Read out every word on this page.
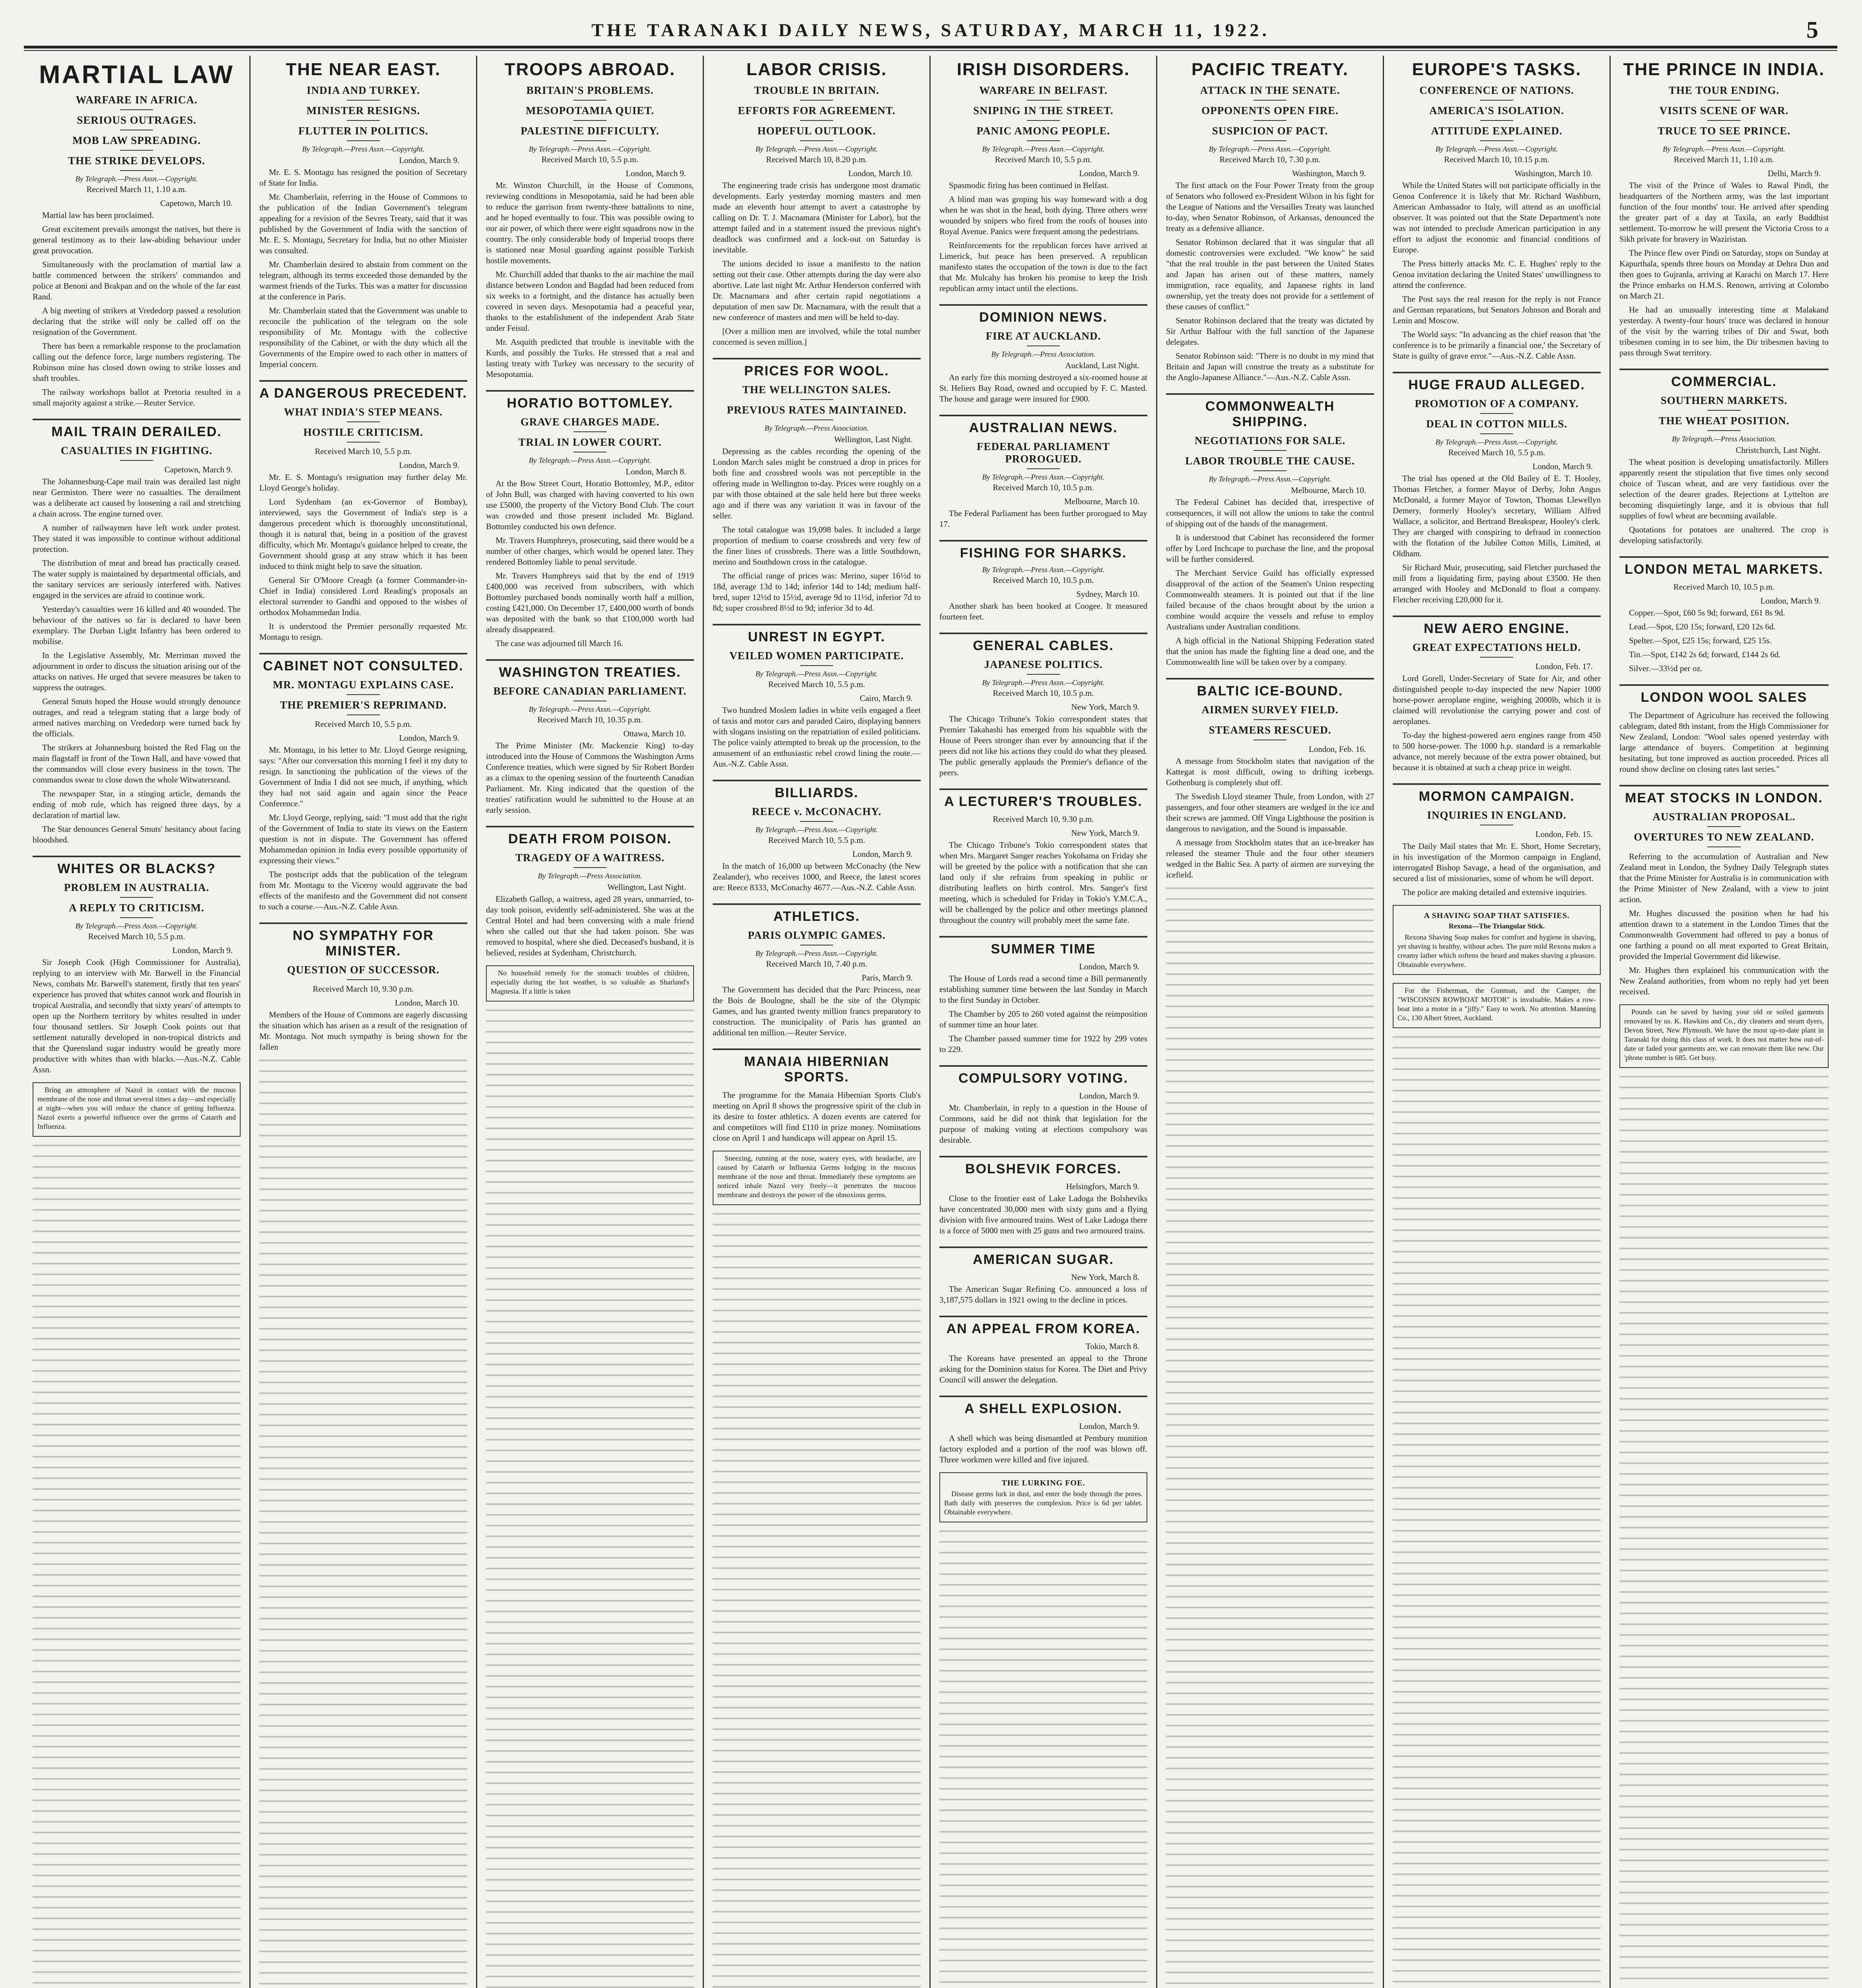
THE TARANAKI DAILY NEWS, SATURDAY, MARCH 11, 1922.	5
MARTIAL LAW
WARFARE IN AFRICA.
SERIOUS OUTRAGES.
MOB LAW SPREADING.
THE STRIKE DEVELOPS.
By Telegraph.—Press Assn.—Copyright.
Received March 11, 1.10 a.m.
Capetown, March 10.

Martial law has been proclaimed.

Great excitement prevails amongst the natives, but there is general testimony as to their law-abiding behaviour under great provocation.

Simultaneously with the proclamation of martial law a battle commenced between the strikers' commandos and police at Benoni and Brakpan and on the whole of the far east Rand.

A big meeting of strikers at Vrededorp passed a resolution declaring that the strike will only be called off on the resignation of the Government.

There has been a remarkable response to the proclamation calling out the defence force, large numbers registering. The Robinson mine has closed down owing to strike losses and shaft troubles.

The railway workshops ballot at Pretoria resulted in a small majority against a strike.—Reuter Service.

MAIL TRAIN DERAILED.
CASUALTIES IN FIGHTING.
Capetown, March 9.

The Johannesburg-Cape mail train was derailed last night near Germiston. There were no casualties. The derailment was a deliberate act caused by loosening a rail and stretching a chain across. The engine turned over.

A number of railwaymen have left work under protest. They stated it was impossible to continue without additional protection.

The distribution of meat and bread has practically ceased. The water supply is maintained by departmental officials, and the sanitary services are seriously interfered with. Natives engaged in the services are afraid to continue work.

Yesterday's casualties were 16 killed and 40 wounded. The behaviour of the natives so far is declared to have been exemplary. The Durban Light Infantry has been ordered to mobilise.

In the Legislative Assembly, Mr. Merriman moved the adjournment in order to discuss the situation arising out of the attacks on natives. He urged that severe measures be taken to suppress the outrages.

General Smuts hoped the House would strongly denounce outrages, and read a telegram stating that a large body of armed natives marching on Vrededorp were turned back by the officials.

The strikers at Johannesburg hoisted the Red Flag on the main flagstaff in front of the Town Hall, and have vowed that the commandos will close every business in the town. The commandos swear to close down the whole Witwatersrand.

The newspaper Star, in a stinging article, demands the ending of mob rule, which has reigned three days, by a declaration of martial law.

The Star denounces General Smuts' hesitancy about facing bloodshed.

WHITES OR BLACKS?
PROBLEM IN AUSTRALIA.
A REPLY TO CRITICISM.
By Telegraph.—Press Assn.—Copyright.
Received March 10, 5.5 p.m.
London, March 9.

Sir Joseph Cook (High Commissioner for Australia), replying to an interview with Mr. Barwell in the Financial News, combats Mr. Barwell's statement, firstly that ten years' experience has proved that whites cannot work and flourish in tropical Australia, and secondly that sixty years' of attempts to open up the Northern territory by whites resulted in under four thousand settlers. Sir Joseph Cook points out that settlement naturally developed in non-tropical districts and that the Queensland sugar industry would be greatly more productive with whites than with blacks.—Aus.-N.Z. Cable Assn.

Bring an atmosphere of Nazol in contact with the mucous membrane of the nose and throat several times a day—and especially at night—when you will reduce the chance of getting Influenza. Nazol exerts a powerful influence over the germs of Catarrh and Influenza.

THE NEAR EAST.
INDIA AND TURKEY.
MINISTER RESIGNS.
FLUTTER IN POLITICS.
By Telegraph.—Press Assn.—Copyright.
London, March 9.

Mr. E. S. Montagu has resigned the position of Secretary of State for India.

Mr. Chamberlain, referring in the House of Commons to the publication of the Indian Government's telegram appealing for a revision of the Sevres Treaty, said that it was published by the Government of India with the sanction of Mr. E. S. Montagu, Secretary for India, but no other Minister was consulted.

Mr. Chamberlain desired to abstain from comment on the telegram, although its terms exceeded those demanded by the warmest friends of the Turks. This was a matter for discussion at the conference in Paris.

Mr. Chamberlain stated that the Government was unable to reconcile the publication of the telegram on the sole responsibility of Mr. Montagu with the collective responsibility of the Cabinet, or with the duty which all the Governments of the Empire owed to each other in matters of Imperial concern.

A DANGEROUS PRECEDENT.
WHAT INDIA'S STEP MEANS.
HOSTILE CRITICISM.
Received March 10, 5.5 p.m.
London, March 9.

Mr. E. S. Montagu's resignation may further delay Mr. Lloyd George's holiday.

Lord Sydenham (an ex-Governor of Bombay), interviewed, says the Government of India's step is a dangerous precedent which is thoroughly unconstitutional, though it is natural that, being in a position of the gravest difficulty, which Mr. Montagu's guidance helped to create, the Government should grasp at any straw which it has been induced to think might help to save the situation.

General Sir O'Moore Creagh (a former Commander-in-Chief in India) considered Lord Reading's proposals an electoral surrender to Gandhi and opposed to the wishes of orthodox Mohammedan India.

It is understood the Premier personally requested Mr. Montagu to resign.

CABINET NOT CONSULTED.
MR. MONTAGU EXPLAINS CASE.
THE PREMIER'S REPRIMAND.
Received March 10, 5.5 p.m.
London, March 9.

Mr. Montagu, in his letter to Mr. Lloyd George resigning, says: "After our conversation this morning I feel it my duty to resign. In sanctioning the publication of the views of the Government of India I did not see much, if anything, which they had not said again and again since the Peace Conference."

Mr. Lloyd George, replying, said: "I must add that the right of the Government of India to state its views on the Eastern question is not in dispute. The Government has offered Mohammedan opinion in India every possible opportunity of expressing their views."

The postscript adds that the publication of the telegram from Mr. Montagu to the Viceroy would aggravate the bad effects of the manifesto and the Government did not consent to such a course.—Aus.-N.Z. Cable Assn.

NO SYMPATHY FOR MINISTER.
QUESTION OF SUCCESSOR.
Received March 10, 9.30 p.m.
London, March 10.

Members of the House of Commons are eagerly discussing the situation which has arisen as a result of the resignation of Mr. Montagu. Not much sympathy is being shown for the fallen

TROOPS ABROAD.
BRITAIN'S PROBLEMS.
MESOPOTAMIA QUIET.
PALESTINE DIFFICULTY.
By Telegraph.—Press Assn.—Copyright.
Received March 10, 5.5 p.m.
London, March 9.

Mr. Winston Churchill, in the House of Commons, reviewing conditions in Mesopotamia, said he had been able to reduce the garrison from twenty-three battalions to nine, and he hoped eventually to four. This was possible owing to our air power, of which there were eight squadrons now in the country. The only considerable body of Imperial troops there is stationed near Mosul guarding against possible Turkish hostile movements.

Mr. Churchill added that thanks to the air machine the mail distance between London and Bagdad had been reduced from six weeks to a fortnight, and the distance has actually been covered in seven days. Mesopotamia had a peaceful year, thanks to the establishment of the independent Arab State under Feisul.

Mr. Asquith predicted that trouble is inevitable with the Kurds, and possibly the Turks. He stressed that a real and lasting treaty with Turkey was necessary to the security of Mesopotamia.

HORATIO BOTTOMLEY.
GRAVE CHARGES MADE.
TRIAL IN LOWER COURT.
By Telegraph.—Press Assn.—Copyright.
London, March 8.

At the Bow Street Court, Horatio Bottomley, M.P., editor of John Bull, was charged with having converted to his own use £5000, the property of the Victory Bond Club. The court was crowded and those present included Mr. Bigland. Bottomley conducted his own defence.

Mr. Travers Humphreys, prosecuting, said there would be a number of other charges, which would be opened later. They rendered Bottomley liable to penal servitude.

Mr. Travers Humphreys said that by the end of 1919 £400,000 was received from subscribers, with which Bottomley purchased bonds nominally worth half a million, costing £421,000. On December 17, £400,000 worth of bonds was deposited with the bank so that £100,000 worth had already disappeared.

The case was adjourned till March 16.

WASHINGTON TREATIES.
BEFORE CANADIAN PARLIAMENT.
By Telegraph.—Press Assn.—Copyright.
Received March 10, 10.35 p.m.
Ottawa, March 10.

The Prime Minister (Mr. Mackenzie King) to-day introduced into the House of Commons the Washington Arms Conference treaties, which were signed by Sir Robert Borden as a climax to the opening session of the fourteenth Canadian Parliament. Mr. King indicated that the question of the treaties' ratification would be submitted to the House at an early session.

DEATH FROM POISON.
TRAGEDY OF A WAITRESS.
By Telegraph.—Press Association.
Wellington, Last Night.

Elizabeth Gallop, a waitress, aged 28 years, unmarried, to-day took poison, evidently self-administered. She was at the Central Hotel and had been conversing with a male friend when she called out that she had taken poison. She was removed to hospital, where she died. Deceased's husband, it is believed, resides at Sydenham, Christchurch.

No household remedy for the stomach troubles of children, especially during the hot weather, is so valuable as Sharland's Magnesia. If a little is taken

LABOR CRISIS.
TROUBLE IN BRITAIN.
EFFORTS FOR AGREEMENT.
HOPEFUL OUTLOOK.
By Telegraph.—Press Assn.—Copyright.
Received March 10, 8.20 p.m.
London, March 10.

The engineering trade crisis has undergone most dramatic developments. Early yesterday morning masters and men made an eleventh hour attempt to avert a catastrophe by calling on Dr. T. J. Macnamara (Minister for Labor), but the attempt failed and in a statement issued the previous night's deadlock was confirmed and a lock-out on Saturday is inevitable.

The unions decided to issue a manifesto to the nation setting out their case. Other attempts during the day were also abortive. Late last night Mr. Arthur Henderson conferred with Dr. Macnamara and after certain rapid negotiations a deputation of men saw Dr. Macnamara, with the result that a new conference of masters and men will be held to-day.

[Over a million men are involved, while the total number concerned is seven million.]

PRICES FOR WOOL.
THE WELLINGTON SALES.
PREVIOUS RATES MAINTAINED.
By Telegraph.—Press Association.
Wellington, Last Night.

Depressing as the cables recording the opening of the London March sales might be construed a drop in prices for both fine and crossbred wools was not perceptible in the offering made in Wellington to-day. Prices were roughly on a par with those obtained at the sale held here but three weeks ago and if there was any variation it was in favour of the seller.

The total catalogue was 19,098 bales. It included a large proportion of medium to coarse crossbreds and very few of the finer lines of crossbreds. There was a little Southdown, merino and Southdown cross in the catalogue.

The official range of prices was: Merino, super 16½d to 18d, average 13d to 14d; inferior 14d to 14d; medium half-bred, super 12½d to 15½d, average 9d to 11½d, inferior 7d to 8d; super crossbred 8½d to 9d; inferior 3d to 4d.

UNREST IN EGYPT.
VEILED WOMEN PARTICIPATE.
By Telegraph.—Press Assn.—Copyright.
Received March 10, 5.5 p.m.
Cairo, March 9.

Two hundred Moslem ladies in white veils engaged a fleet of taxis and motor cars and paraded Cairo, displaying banners with slogans insisting on the repatriation of exiled politicians. The police vainly attempted to break up the procession, to the amusement of an enthusiastic rebel crowd lining the route.—Aus.-N.Z. Cable Assn.

BILLIARDS.
REECE v. McCONACHY.
By Telegraph.—Press Assn.—Copyright.
Received March 10, 5.5 p.m.
London, March 9.

In the match of 16,000 up between McConachy (the New Zealander), who receives 1000, and Reece, the latest scores are: Reece 8333, McConachy 4677.—Aus.-N.Z. Cable Assn.

ATHLETICS.
PARIS OLYMPIC GAMES.
By Telegraph.—Press Assn.—Copyright.
Received March 10, 7.40 p.m.
Paris, March 9.

The Government has decided that the Parc Princess, near the Bois de Boulogne, shall be the site of the Olympic Games, and has granted twenty million francs preparatory to construction. The municipality of Paris has granted an additional ten million.—Reuter Service.

MANAIA HIBERNIAN SPORTS.

The programme for the Manaia Hibernian Sports Club's meeting on April 8 shows the progressive spirit of the club in its desire to foster athletics. A dozen events are catered for and competitors will find £110 in prize money. Nominations close on April 1 and handicaps will appear on April 15.

Sneezing, running at the nose, watery eyes, with headache, are caused by Catarrh or Influenza Germs lodging in the mucous membrane of the nose and throat. Immediately these symptoms are noticed inhale Nazol very freely—it penetrates the mucous membrane and destroys the power of the obnoxious germs.

IRISH DISORDERS.
WARFARE IN BELFAST.
SNIPING IN THE STREET.
PANIC AMONG PEOPLE.
By Telegraph.—Press Assn.—Copyright.
Received March 10, 5.5 p.m.
London, March 9.

Spasmodic firing has been continued in Belfast.

A blind man was groping his way homeward with a dog when he was shot in the head, both dying. Three others were wounded by snipers who fired from the roofs of houses into Royal Avenue. Panics were frequent among the pedestrians.

Reinforcements for the republican forces have arrived at Limerick, but peace has been preserved. A republican manifesto states the occupation of the town is due to the fact that Mr. Mulcahy has broken his promise to keep the Irish republican army intact until the elections.

DOMINION NEWS.
FIRE AT AUCKLAND.
By Telegraph.—Press Association.
Auckland, Last Night.

An early fire this morning destroyed a six-roomed house at St. Heliers Bay Road, owned and occupied by F. C. Masted. The house and garage were insured for £900.

AUSTRALIAN NEWS.
FEDERAL PARLIAMENT PROROGUED.
By Telegraph.—Press Assn.—Copyright.
Received March 10, 10.5 p.m.
Melbourne, March 10.

The Federal Parliament has been further prorogued to May 17.

FISHING FOR SHARKS.
By Telegraph.—Press Assn.—Copyright.
Received March 10, 10.5 p.m.
Sydney, March 10.

Another shark has been hooked at Coogee. It measured fourteen feet.

GENERAL CABLES.
JAPANESE POLITICS.
By Telegraph.—Press Assn.—Copyright.
Received March 10, 10.5 p.m.
New York, March 9.

The Chicago Tribune's Tokio correspondent states that Premier Takahashi has emerged from his squabble with the House of Peers stronger than ever by announcing that if the peers did not like his actions they could do what they pleased. The public generally applauds the Premier's defiance of the peers.

A LECTURER'S TROUBLES.
Received March 10, 9.30 p.m.
New York, March 9.

The Chicago Tribune's Tokio correspondent states that when Mrs. Margaret Sanger reaches Yokohama on Friday she will be greeted by the police with a notification that she can land only if she refrains from speaking in public or distributing leaflets on birth control. Mrs. Sanger's first meeting, which is scheduled for Friday in Tokio's Y.M.C.A., will be challenged by the police and other meetings planned throughout the country will probably meet the same fate.

SUMMER TIME
London, March 9.

The House of Lords read a second time a Bill permanently establishing summer time between the last Sunday in March to the first Sunday in October.

The Chamber by 205 to 260 voted against the reimposition of summer time an hour later.

The Chamber passed summer time for 1922 by 299 votes to 229.

COMPULSORY VOTING.
London, March 9.

Mr. Chamberlain, in reply to a question in the House of Commons, said he did not think that legislation for the purpose of making voting at elections compulsory was desirable.

BOLSHEVIK FORCES.
Helsingfors, March 9.

Close to the frontier east of Lake Ladoga the Bolsheviks have concentrated 30,000 men with sixty guns and a flying division with five armoured trains. West of Lake Ladoga there is a force of 5000 men with 25 guns and two armoured trains.

AMERICAN SUGAR.
New York, March 8.

The American Sugar Refining Co. announced a loss of 3,187,575 dollars in 1921 owing to the decline in prices.

AN APPEAL FROM KOREA.
Tokio, March 8.

The Koreans have presented an appeal to the Throne asking for the Dominion status for Korea. The Diet and Privy Council will answer the delegation.

A SHELL EXPLOSION.
London, March 9.

A shell which was being dismantled at Pembury munition factory exploded and a portion of the roof was blown off. Three workmen were killed and five injured.

THE LURKING FOE.

Disease germs lurk in dust, and enter the body through the pores. Bath daily with preserves the complexion. Price is 6d per tablet. Obtainable everywhere.

PACIFIC TREATY.
ATTACK IN THE SENATE.
OPPONENTS OPEN FIRE.
SUSPICION OF PACT.
By Telegraph.—Press Assn.—Copyright.
Received March 10, 7.30 p.m.
Washington, March 9.

The first attack on the Four Power Treaty from the group of Senators who followed ex-President Wilson in his fight for the League of Nations and the Versailles Treaty was launched to-day, when Senator Robinson, of Arkansas, denounced the treaty as a defensive alliance.

Senator Robinson declared that it was singular that all domestic controversies were excluded. "We know" he said "that the real trouble in the past between the United States and Japan has arisen out of these matters, namely immigration, race equality, and Japanese rights in land ownership, yet the treaty does not provide for a settlement of these causes of conflict."

Senator Robinson declared that the treaty was dictated by Sir Arthur Balfour with the full sanction of the Japanese delegates.

Senator Robinson said: "There is no doubt in my mind that Britain and Japan will construe the treaty as a substitute for the Anglo-Japanese Alliance."—Aus.-N.Z. Cable Assn.

COMMONWEALTH SHIPPING.
NEGOTIATIONS FOR SALE.
LABOR TROUBLE THE CAUSE.
By Telegraph.—Press Assn.—Copyright.
Melbourne, March 10.

The Federal Cabinet has decided that, irrespective of consequences, it will not allow the unions to take the control of shipping out of the hands of the management.

It is understood that Cabinet has reconsidered the former offer by Lord Inchcape to purchase the line, and the proposal will be further considered.

The Merchant Service Guild has officially expressed disapproval of the action of the Seamen's Union respecting Commonwealth steamers. It is pointed out that if the line failed because of the chaos brought about by the union a combine would acquire the vessels and refuse to employ Australians under Australian conditions.

A high official in the National Shipping Federation stated that the union has made the fighting line a dead one, and the Commonwealth line will be taken over by a company.

BALTIC ICE-BOUND.
AIRMEN SURVEY FIELD.
STEAMERS RESCUED.
London, Feb. 16.

A message from Stockholm states that navigation of the Kattegat is most difficult, owing to drifting icebergs. Gothenburg is completely shut off.

The Swedish Lloyd steamer Thule, from London, with 27 passengers, and four other steamers are wedged in the ice and their screws are jammed. Off Vinga Lighthouse the position is dangerous to navigation, and the Sound is impassable.

A message from Stockholm states that an ice-breaker has released the steamer Thule and the four other steamers wedged in the Baltic Sea. A party of airmen are surveying the icefield.

EUROPE'S TASKS.
CONFERENCE OF NATIONS.
AMERICA'S ISOLATION.
ATTITUDE EXPLAINED.
By Telegraph.—Press Assn.—Copyright.
Received March 10, 10.15 p.m.
Washington, March 10.

While the United States will not participate officially in the Genoa Conference it is likely that Mr. Richard Washburn, American Ambassador to Italy, will attend as an unofficial observer. It was pointed out that the State Department's note was not intended to preclude American participation in any effort to adjust the economic and financial conditions of Europe.

The Press bitterly attacks Mr. C. E. Hughes' reply to the Genoa invitation declaring the United States' unwillingness to attend the conference.

The Post says the real reason for the reply is not France and German reparations, but Senators Johnson and Borah and Lenin and Moscow.

The World says: "In advancing as the chief reason that 'the conference is to be primarily a financial one,' the Secretary of State is guilty of grave error."—Aus.-N.Z. Cable Assn.

HUGE FRAUD ALLEGED.
PROMOTION OF A COMPANY.
DEAL IN COTTON MILLS.
By Telegraph.—Press Assn.—Copyright.
Received March 10, 5.5 p.m.
London, March 9.

The trial has opened at the Old Bailey of E. T. Hooley, Thomas Fletcher, a former Mayor of Derby, John Angus McDonald, a former Mayor of Towton, Thomas Llewellyn Demery, formerly Hooley's secretary, William Alfred Wallace, a solicitor, and Bertrand Breakspear, Hooley's clerk. They are charged with conspiring to defraud in connection with the flotation of the Jubilee Cotton Mills, Limited, at Oldham.

Sir Richard Muir, prosecuting, said Fletcher purchased the mill from a liquidating firm, paying about £3500. He then arranged with Hooley and McDonald to float a company. Fletcher receiving £20,000 for it.

NEW AERO ENGINE.
GREAT EXPECTATIONS HELD.
London, Feb. 17.

Lord Gorell, Under-Secretary of State for Air, and other distinguished people to-day inspected the new Napier 1000 horse-power aeroplane engine, weighing 2000lb, which it is claimed will revolutionise the carrying power and cost of aeroplanes.

To-day the highest-powered aero engines range from 450 to 500 horse-power. The 1000 h.p. standard is a remarkable advance, not merely because of the extra power obtained, but because it is obtained at such a cheap price in weight.

MORMON CAMPAIGN.
INQUIRIES IN ENGLAND.
London, Feb. 15.

The Daily Mail states that Mr. E. Short, Home Secretary, in his investigation of the Mormon campaign in England, interrogated Bishop Savage, a head of the organisation, and secured a list of missionaries, some of whom he will deport.

The police are making detailed and extensive inquiries.

A SHAVING SOAP THAT SATISFIES.
Rexona—The Triangular Stick.

Rexona Shaving Soap makes for comfort and hygiene in shaving, yet shaving is healthy, without aches. The pure mild Rexona makes a creamy lather which softens the beard and makes shaving a pleasure. Obtainable everywhere.

For the Fisherman, the Gunman, and the Camper, the "WISCONSIN ROWBOAT MOTOR" is invaluable. Makes a row-boat into a motor in a "jiffy." Easy to work. No attention. Manning Co., 130 Albert Street, Auckland.

THE PRINCE IN INDIA.
THE TOUR ENDING.
VISITS SCENE OF WAR.
TRUCE TO SEE PRINCE.
By Telegraph.—Press Assn.—Copyright.
Received March 11, 1.10 a.m.
Delhi, March 9.

The visit of the Prince of Wales to Rawal Pindi, the headquarters of the Northern army, was the last important function of the four months' tour. He arrived after spending the greater part of a day at Taxila, an early Buddhist settlement. To-morrow he will present the Victoria Cross to a Sikh private for bravery in Waziristan.

The Prince flew over Pindi on Saturday, stops on Sunday at Kapurthala, spends three hours on Monday at Dehra Dun and then goes to Gujranla, arriving at Karachi on March 17. Here the Prince embarks on H.M.S. Renown, arriving at Colombo on March 21.

He had an unusually interesting time at Malakand yesterday. A twenty-four hours' truce was declared in honour of the visit by the warring tribes of Dir and Swat, both tribesmen coming in to see him, the Dir tribesmen having to pass through Swat territory.

COMMERCIAL.
SOUTHERN MARKETS.
THE WHEAT POSITION.
By Telegraph.—Press Association.
Christchurch, Last Night.

The wheat position is developing unsatisfactorily. Millers apparently resent the stipulation that five times only second choice of Tuscan wheat, and are very fastidious over the selection of the dearer grades. Rejections at Lyttelton are becoming disquietingly large, and it is obvious that full supplies of fowl wheat are becoming available.

Quotations for potatoes are unaltered. The crop is developing satisfactorily.

LONDON METAL MARKETS.
Received March 10, 10.5 p.m.
London, March 9.

Copper.—Spot, £60 5s 9d; forward, £61 8s 9d.

Lead.—Spot, £20 15s; forward, £20 12s 6d.

Spelter.—Spot, £25 15s; forward, £25 15s.

Tin.—Spot, £142 2s 6d; forward, £144 2s 6d.

Silver.—33½d per oz.

LONDON WOOL SALES

The Department of Agriculture has received the following cablegram, dated 8th instant, from the High Commissioner for New Zealand, London: "Wool sales opened yesterday with large attendance of buyers. Competition at beginning hesitating, but tone improved as auction proceeded. Prices all round show decline on closing rates last series."

MEAT STOCKS IN LONDON.
AUSTRALIAN PROPOSAL.
OVERTURES TO NEW ZEALAND.

Referring to the accumulation of Australian and New Zealand meat in London, the Sydney Daily Telegraph states that the Prime Minister for Australia is in communication with the Prime Minister of New Zealand, with a view to joint action.

Mr. Hughes discussed the position when he had his attention drawn to a statement in the London Times that the Commonwealth Government had offered to pay a bonus of one farthing a pound on all meat exported to Great Britain, provided the Imperial Government did likewise.

Mr. Hughes then explained his communication with the New Zealand authorities, from whom no reply had yet been received.

Pounds can be saved by having your old or soiled garments renovated by us. K. Hawkins and Co., dry cleaners and steam dyers, Devon Street, New Plymouth. We have the most up-to-date plant in Taranaki for doing this class of work. It does not matter how out-of-date or faded your garments are, we can renovate them like new. Our 'phone number is 685. Get busy.
